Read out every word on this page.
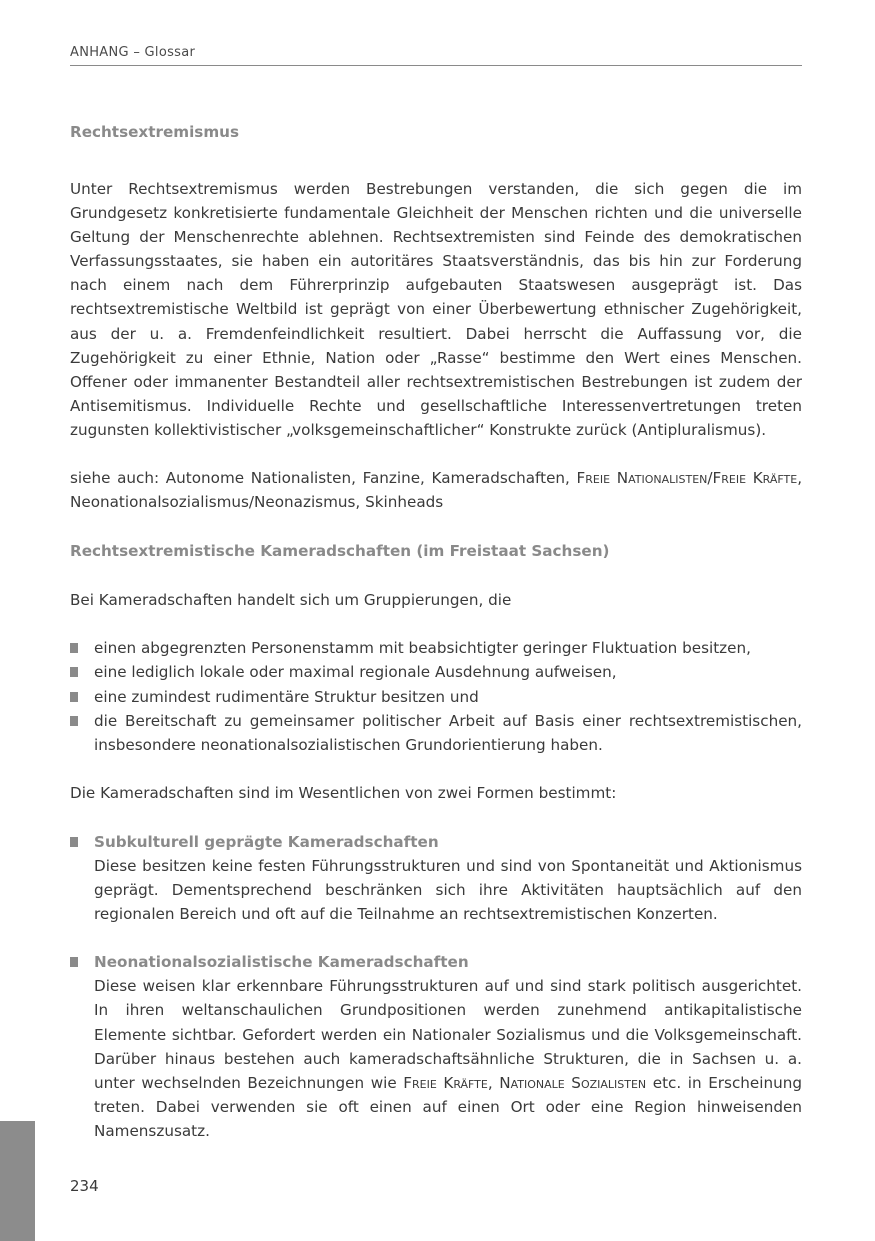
ANHANG – Glossar

Rechtsextremismus

Unter Rechtsextremismus werden Bestrebungen verstanden, die sich gegen die im Grundgesetz konkretisierte fundamentale Gleichheit der Menschen richten und die universelle Geltung der Menschenrechte ablehnen. Rechtsextremisten sind Feinde des demokratischen Verfassungsstaates, sie haben ein autoritäres Staatsverständnis, das bis hin zur Forderung nach einem nach dem Führerprinzip aufgebauten Staatswesen ausgeprägt ist. Das rechtsextremistische Weltbild ist geprägt von einer Überbewertung ethnischer Zugehörigkeit, aus der u. a. Fremdenfeindlichkeit resultiert. Dabei herrscht die Auffassung vor, die Zugehörigkeit zu einer Ethnie, Nation oder „Rasse“ bestimme den Wert eines Menschen. Offener oder immanenter Bestandteil aller rechtsextremistischen Bestrebungen ist zudem der Antisemitismus. Individuelle Rechte und gesellschaftliche Interessenvertretungen treten zugunsten kollektivistischer „volksgemeinschaftlicher“ Konstrukte zurück (Antipluralismus).

siehe auch: Autonome Nationalisten, Fanzine, Kameradschaften, Freie Nationalisten/Freie Kräfte, Neonationalsozialismus/Neonazismus, Skinheads

Rechtsextremistische Kameradschaften (im Freistaat Sachsen)

Bei Kameradschaften handelt sich um Gruppierungen, die

einen abgegrenzten Personenstamm mit beabsichtigter geringer Fluktuation besitzen,
eine lediglich lokale oder maximal regionale Ausdehnung aufweisen,
eine zumindest rudimentäre Struktur besitzen und
die Bereitschaft zu gemeinsamer politischer Arbeit auf Basis einer rechtsextremistischen, insbesondere neonationalsozialistischen Grundorientierung haben.

Die Kameradschaften sind im Wesentlichen von zwei Formen bestimmt:

Subkulturell geprägte Kameradschaften
Diese besitzen keine festen Führungsstrukturen und sind von Spontaneität und Aktionismus geprägt. Dementsprechend beschränken sich ihre Aktivitäten hauptsächlich auf den regionalen Bereich und oft auf die Teilnahme an rechtsextremistischen Konzerten.
Neonationalsozialistische Kameradschaften
Diese weisen klar erkennbare Führungsstrukturen auf und sind stark politisch ausgerichtet. In ihren weltanschaulichen Grundpositionen werden zunehmend antikapitalistische Elemente sichtbar. Gefordert werden ein Nationaler Sozialismus und die Volksgemeinschaft. Darüber hinaus bestehen auch kameradschaftsähnliche Strukturen, die in Sachsen u. a. unter wechselnden Bezeichnungen wie Freie Kräfte, Nationale Sozialisten etc. in Erscheinung treten. Dabei verwenden sie oft einen auf einen Ort oder eine Region hinweisenden Namenszusatz.
234
